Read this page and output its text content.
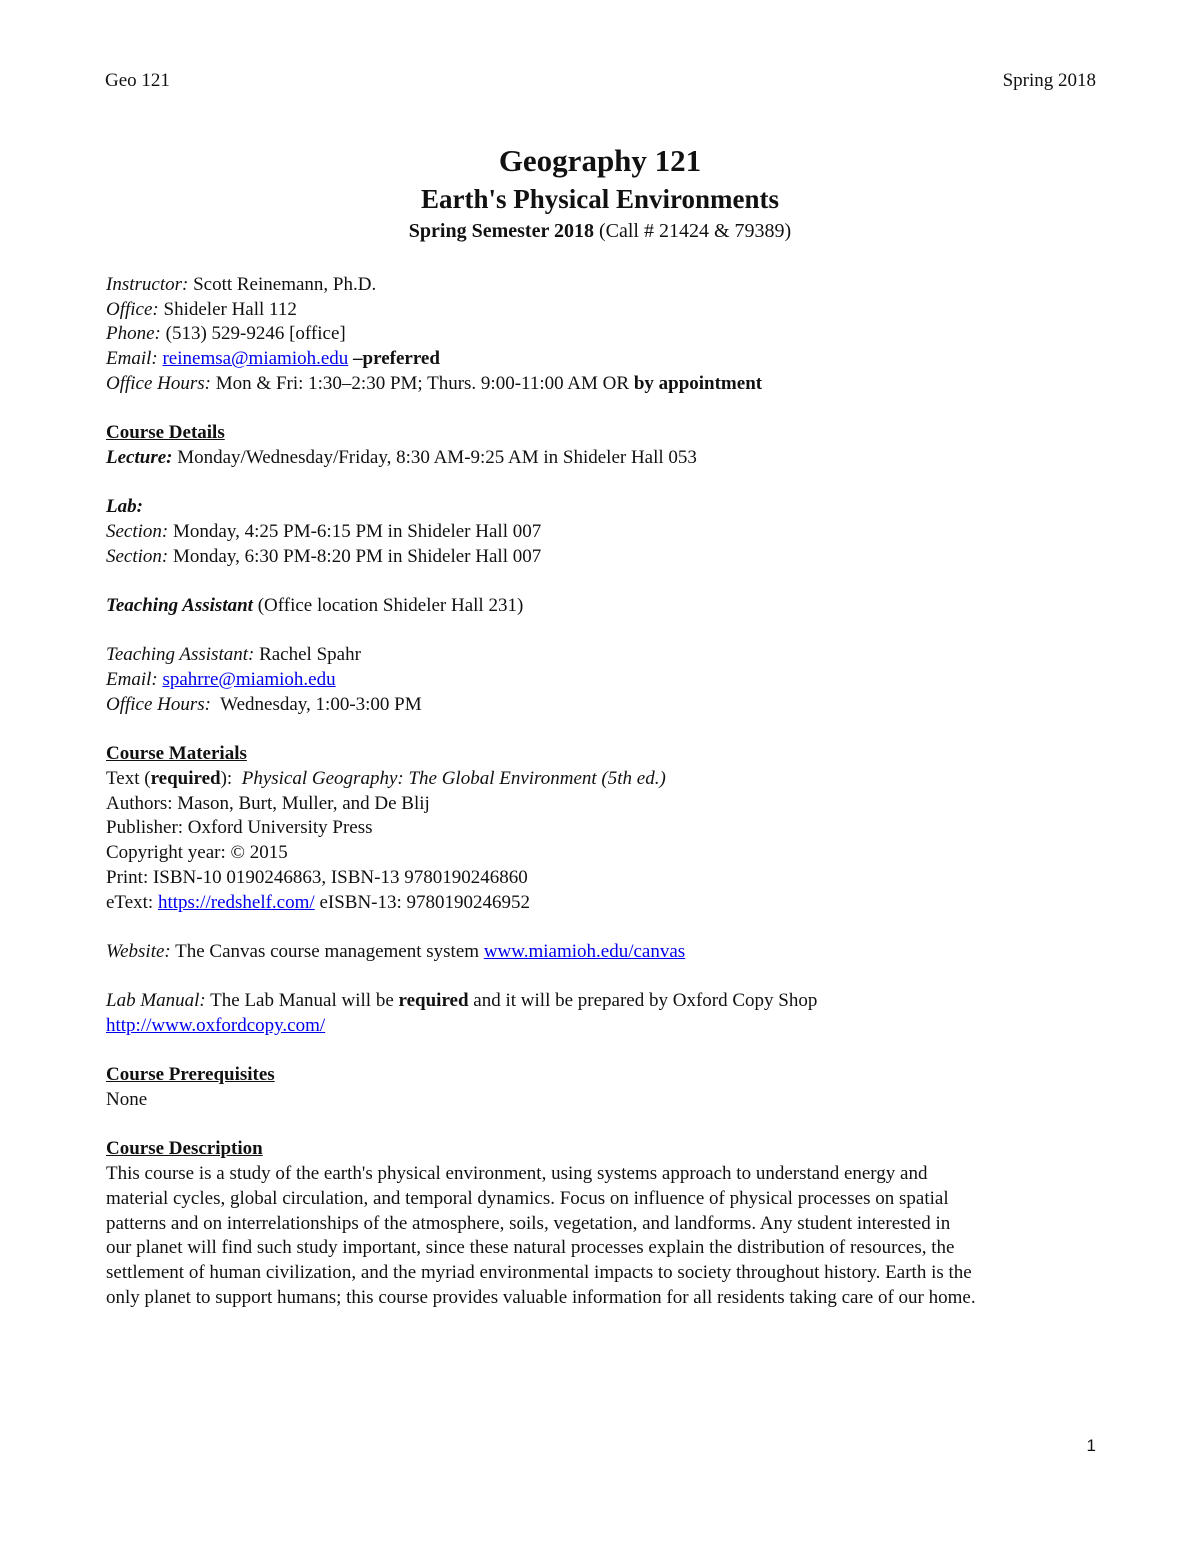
Geo 121	Spring 2018
Geography 121
Earth's Physical Environments
Spring Semester 2018 (Call # 21424 & 79389)
Instructor: Scott Reinemann, Ph.D.
Office: Shideler Hall 112
Phone: (513) 529-9246 [office]
Email: reinemsa@miamioh.edu –preferred
Office Hours: Mon & Fri: 1:30–2:30 PM; Thurs. 9:00-11:00 AM OR by appointment
Course Details
Lecture: Monday/Wednesday/Friday, 8:30 AM-9:25 AM in Shideler Hall 053
Lab:
Section: Monday, 4:25 PM-6:15 PM in Shideler Hall 007
Section: Monday, 6:30 PM-8:20 PM in Shideler Hall 007
Teaching Assistant (Office location Shideler Hall 231)
Teaching Assistant: Rachel Spahr
Email: spahrre@miamioh.edu
Office Hours:  Wednesday, 1:00-3:00 PM
Course Materials
Text (required):  Physical Geography: The Global Environment (5th ed.)
Authors: Mason, Burt, Muller, and De Blij
Publisher: Oxford University Press
Copyright year: © 2015
Print: ISBN-10 0190246863, ISBN-13 9780190246860
eText: https://redshelf.com/ eISBN-13: 9780190246952
Website: The Canvas course management system www.miamioh.edu/canvas
Lab Manual: The Lab Manual will be required and it will be prepared by Oxford Copy Shop
http://www.oxfordcopy.com/
Course Prerequisites
None
Course Description
This course is a study of the earth's physical environment, using systems approach to understand energy and
material cycles, global circulation, and temporal dynamics. Focus on influence of physical processes on spatial
patterns and on interrelationships of the atmosphere, soils, vegetation, and landforms. Any student interested in
our planet will find such study important, since these natural processes explain the distribution of resources, the
settlement of human civilization, and the myriad environmental impacts to society throughout history. Earth is the
only planet to support humans; this course provides valuable information for all residents taking care of our home.
1
